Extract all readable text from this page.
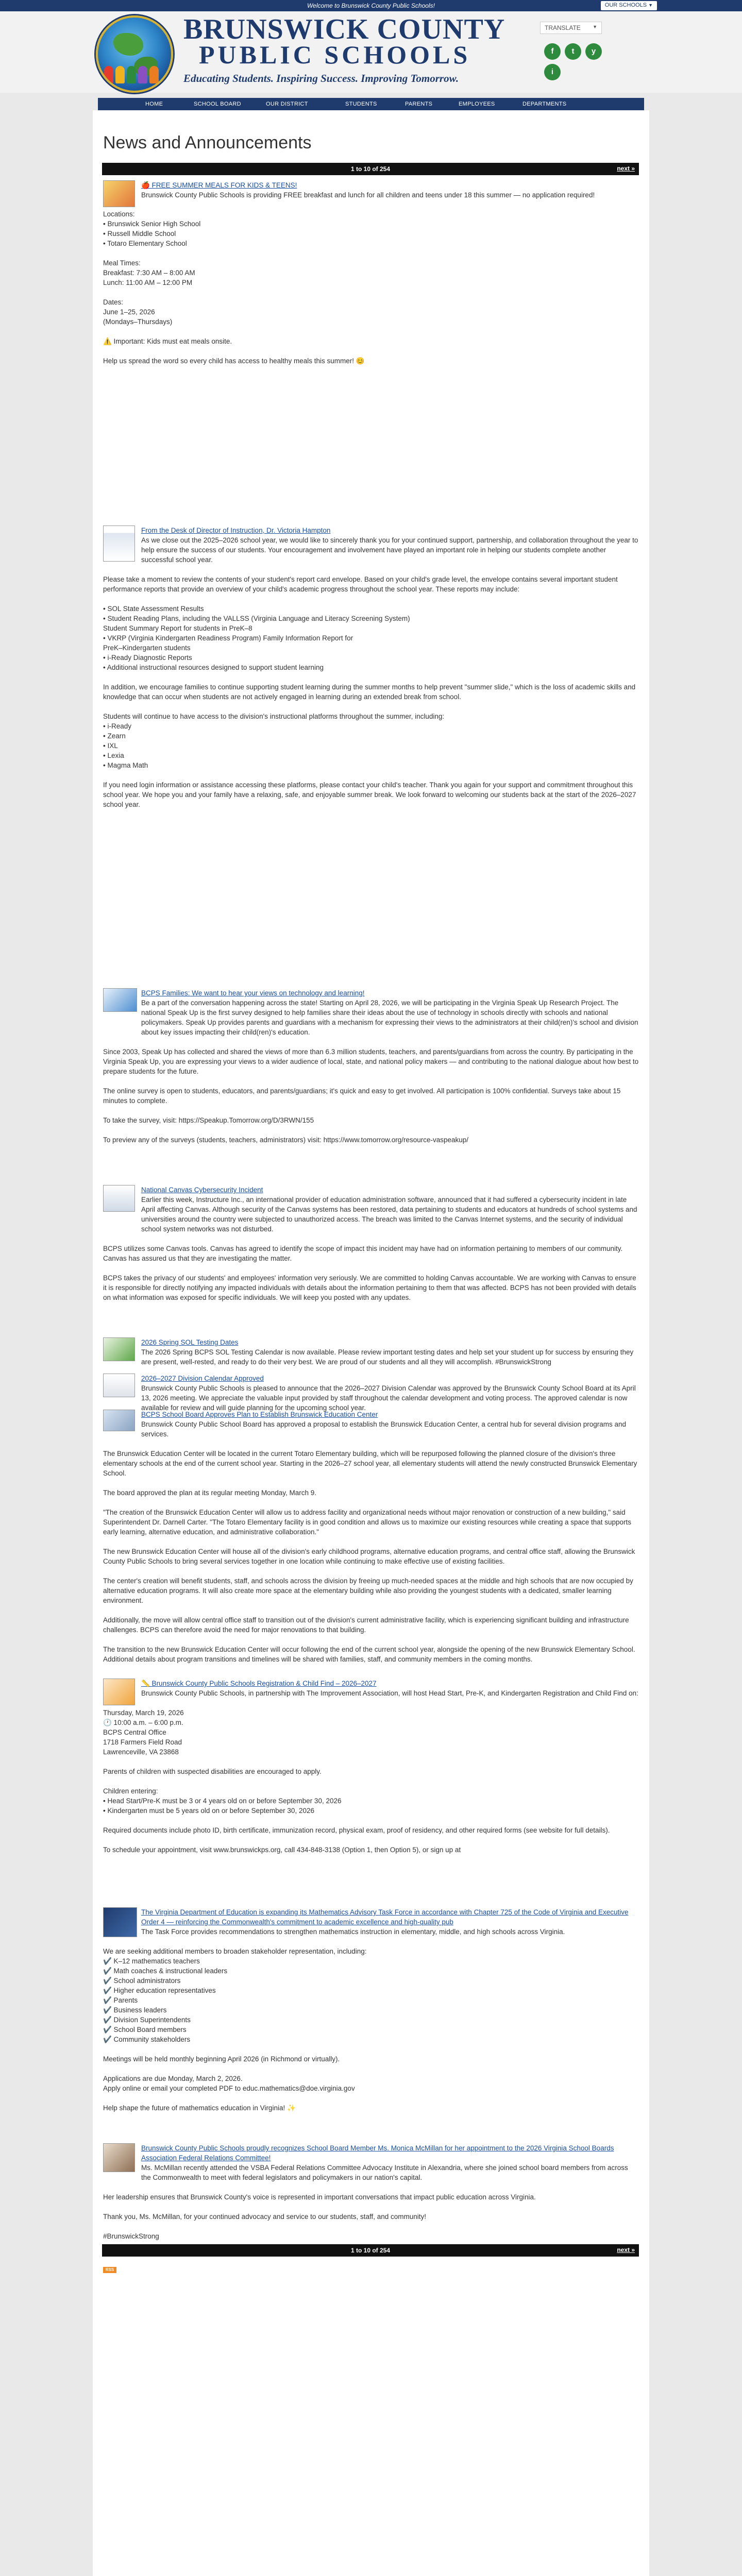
Welcome to Brunswick County Public Schools!	OUR SCHOOLS ▼
BRUNSWICK COUNTY
PUBLIC SCHOOLS
Educating Students. Inspiring Success. Improving Tomorrow.
TRANSLATE	▼
f	t	y
i
HOME	SCHOOL BOARD	OUR DISTRICT	STUDENTS	PARENTS	EMPLOYEES	DEPARTMENTS
News and Announcements
1 to 10 of 254	next »
🍎 FREE SUMMER MEALS FOR KIDS & TEENS!

Brunswick County Public Schools is providing FREE breakfast and lunch for all children and teens under 18 this summer — no application required!

Locations:

• Brunswick Senior High School

• Russell Middle School

• Totaro Elementary School

Meal Times:

Breakfast: 7:30 AM – 8:00 AM

Lunch: 11:00 AM – 12:00 PM

Dates:

June 1–25, 2026

(Mondays–Thursdays)

⚠️ Important: Kids must eat meals onsite.

Help us spread the word so every child has access to healthy meals this summer! 😊

From the Desk of Director of Instruction, Dr. Victoria Hampton

As we close out the 2025–2026 school year, we would like to sincerely thank you for your continued support, partnership, and collaboration throughout the year to help ensure the success of our students. Your encouragement and involvement have played an important role in helping our students complete another successful school year.

Please take a moment to review the contents of your student's report card envelope. Based on your child's grade level, the envelope contains several important student performance reports that provide an overview of your child's academic progress throughout the school year. These reports may include:

• SOL State Assessment Results

• Student Reading Plans, including the VALLSS (Virginia Language and Literacy Screening System)

Student Summary Report for students in PreK–8

• VKRP (Virginia Kindergarten Readiness Program) Family Information Report for

PreK–Kindergarten students

• i-Ready Diagnostic Reports

• Additional instructional resources designed to support student learning

In addition, we encourage families to continue supporting student learning during the summer months to help prevent "summer slide," which is the loss of academic skills and knowledge that can occur when students are not actively engaged in learning during an extended break from school.

Students will continue to have access to the division's instructional platforms throughout the summer, including:

• i-Ready

• Zearn

• IXL

• Lexia

• Magma Math

If you need login information or assistance accessing these platforms, please contact your child's teacher. Thank you again for your support and commitment throughout this school year. We hope you and your family have a relaxing, safe, and enjoyable summer break. We look forward to welcoming our students back at the start of the 2026–2027 school year.

BCPS Families: We want to hear your views on technology and learning!

Be a part of the conversation happening across the state! Starting on April 28, 2026, we will be participating in the Virginia Speak Up Research Project. The national Speak Up is the first survey designed to help families share their ideas about the use of technology in schools directly with schools and national policymakers. Speak Up provides parents and guardians with a mechanism for expressing their views to the administrators at their child(ren)'s school and division about key issues impacting their child(ren)'s education.

Since 2003, Speak Up has collected and shared the views of more than 6.3 million students, teachers, and parents/guardians from across the country. By participating in the Virginia Speak Up, you are expressing your views to a wider audience of local, state, and national policy makers — and contributing to the national dialogue about how best to prepare students for the future.

The online survey is open to students, educators, and parents/guardians; it's quick and easy to get involved. All participation is 100% confidential. Surveys take about 15 minutes to complete.

To take the survey, visit: https://Speakup.Tomorrow.org/D/3RWN/155

To preview any of the surveys (students, teachers, administrators) visit: https://www.tomorrow.org/resource-vaspeakup/

National Canvas Cybersecurity Incident

Earlier this week, Instructure Inc., an international provider of education administration software, announced that it had suffered a cybersecurity incident in late April affecting Canvas. Although security of the Canvas systems has been restored, data pertaining to students and educators at hundreds of school systems and universities around the country were subjected to unauthorized access. The breach was limited to the Canvas Internet systems, and the security of individual school system networks was not disturbed.

BCPS utilizes some Canvas tools. Canvas has agreed to identify the scope of impact this incident may have had on information pertaining to members of our community. Canvas has assured us that they are investigating the matter.

BCPS takes the privacy of our students' and employees' information very seriously. We are committed to holding Canvas accountable. We are working with Canvas to ensure it is responsible for directly notifying any impacted individuals with details about the information pertaining to them that was affected. BCPS has not been provided with details on what information was exposed for specific individuals. We will keep you posted with any updates.

2026 Spring SOL Testing Dates

The 2026 Spring BCPS SOL Testing Calendar is now available. Please review important testing dates and help set your student up for success by ensuring they are present, well-rested, and ready to do their very best. We are proud of our students and all they will accomplish. #BrunswickStrong

2026–2027 Division Calendar Approved

Brunswick County Public Schools is pleased to announce that the 2026–2027 Division Calendar was approved by the Brunswick County School Board at its April 13, 2026 meeting. We appreciate the valuable input provided by staff throughout the calendar development and voting process. The approved calendar is now available for review and will guide planning for the upcoming school year.

BCPS School Board Approves Plan to Establish Brunswick Education Center

Brunswick County Public School Board has approved a proposal to establish the Brunswick Education Center, a central hub for several division programs and services.

The Brunswick Education Center will be located in the current Totaro Elementary building, which will be repurposed following the planned closure of the division's three elementary schools at the end of the current school year. Starting in the 2026–27 school year, all elementary students will attend the newly constructed Brunswick Elementary School.

The board approved the plan at its regular meeting Monday, March 9.

"The creation of the Brunswick Education Center will allow us to address facility and organizational needs without major renovation or construction of a new building," said Superintendent Dr. Darnell Carter. "The Totaro Elementary facility is in good condition and allows us to maximize our existing resources while creating a space that supports early learning, alternative education, and administrative collaboration."

The new Brunswick Education Center will house all of the division's early childhood programs, alternative education programs, and central office staff, allowing the Brunswick County Public Schools to bring several services together in one location while continuing to make effective use of existing facilities.

The center's creation will benefit students, staff, and schools across the division by freeing up much-needed spaces at the middle and high schools that are now occupied by alternative education programs. It will also create more space at the elementary building while also providing the youngest students with a dedicated, smaller learning environment.

Additionally, the move will allow central office staff to transition out of the division's current administrative facility, which is experiencing significant building and infrastructure challenges. BCPS can therefore avoid the need for major renovations to that building.

The transition to the new Brunswick Education Center will occur following the end of the current school year, alongside the opening of the new Brunswick Elementary School. Additional details about program transitions and timelines will be shared with families, staff, and community members in the coming months.

📏 Brunswick County Public Schools Registration & Child Find – 2026–2027

Brunswick County Public Schools, in partnership with The Improvement Association, will host Head Start, Pre-K, and Kindergarten Registration and Child Find on:

Thursday, March 19, 2026

🕐 10:00 a.m. – 6:00 p.m.

BCPS Central Office

1718 Farmers Field Road

Lawrenceville, VA 23868

Parents of children with suspected disabilities are encouraged to apply.

Children entering:

• Head Start/Pre-K must be 3 or 4 years old on or before September 30, 2026

• Kindergarten must be 5 years old on or before September 30, 2026

Required documents include photo ID, birth certificate, immunization record, physical exam, proof of residency, and other required forms (see website for full details).

To schedule your appointment, visit www.brunswickps.org, call 434-848-3138 (Option 1, then Option 5), or sign up at

The Virginia Department of Education is expanding its Mathematics Advisory Task Force in accordance with Chapter 725 of the Code of Virginia and Executive Order 4 — reinforcing the Commonwealth's commitment to academic excellence and high-quality pub

The Task Force provides recommendations to strengthen mathematics instruction in elementary, middle, and high schools across Virginia.

We are seeking additional members to broaden stakeholder representation, including:

✔️ K–12 mathematics teachers

✔️ Math coaches & instructional leaders

✔️ School administrators

✔️ Higher education representatives

✔️ Parents

✔️ Business leaders

✔️ Division Superintendents

✔️ School Board members

✔️ Community stakeholders

Meetings will be held monthly beginning April 2026 (in Richmond or virtually).

Applications are due Monday, March 2, 2026.

Apply online or email your completed PDF to educ.mathematics@doe.virginia.gov

Help shape the future of mathematics education in Virginia! ✨

Brunswick County Public Schools proudly recognizes School Board Member Ms. Monica McMillan for her appointment to the 2026 Virginia School Boards Association Federal Relations Committee!

Ms. McMillan recently attended the VSBA Federal Relations Committee Advocacy Institute in Alexandria, where she joined school board members from across the Commonwealth to meet with federal legislators and policymakers in our nation's capital.

Her leadership ensures that Brunswick County's voice is represented in important conversations that impact public education across Virginia.

Thank you, Ms. McMillan, for your continued advocacy and service to our students, staff, and community!

#BrunswickStrong

1 to 10 of 254	next »
RSS
